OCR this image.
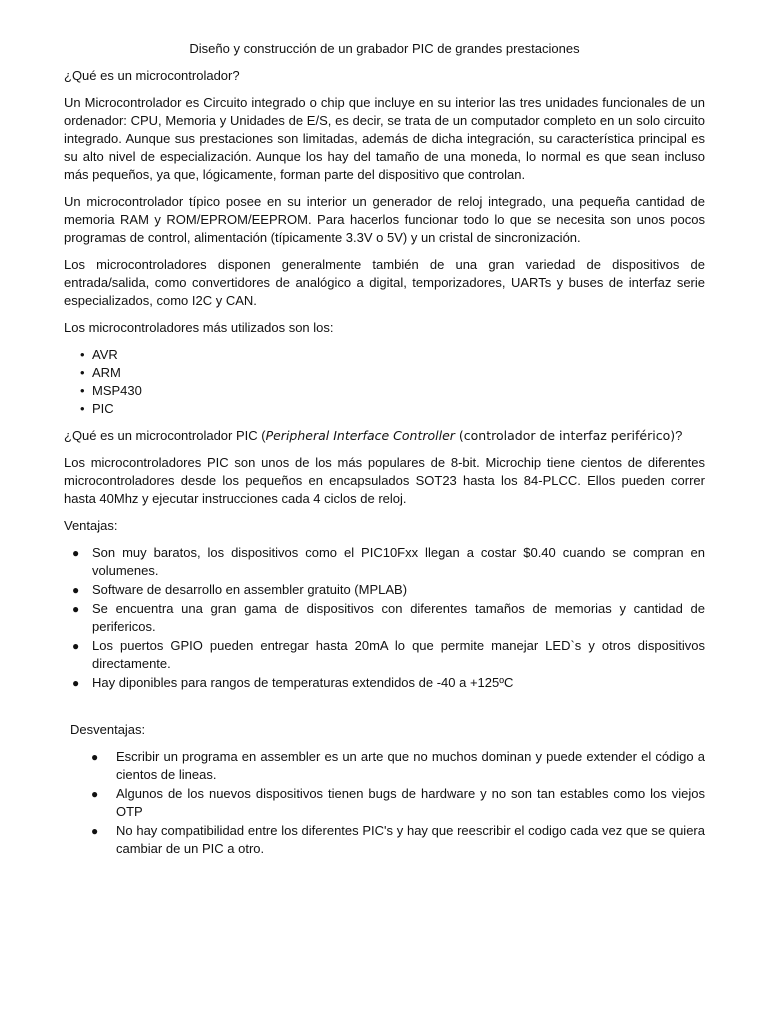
Diseño y construcción de un grabador PIC de grandes prestaciones

¿Qué es un microcontrolador?

Un Microcontrolador es Circuito integrado o chip que incluye en su interior las tres unidades funcionales de un ordenador: CPU, Memoria y Unidades de E/S, es decir, se trata de un computador completo en un solo circuito integrado. Aunque sus prestaciones son limitadas, además de dicha integración, su característica principal es su alto nivel de especialización. Aunque los hay del tamaño de una moneda, lo normal es que sean incluso más pequeños, ya que, lógicamente, forman parte del dispositivo que controlan.

Un microcontrolador típico posee en su interior un generador de reloj integrado, una pequeña cantidad de memoria RAM y ROM/EPROM/EEPROM. Para hacerlos funcionar todo lo que se necesita son unos pocos programas de control, alimentación (típicamente 3.3V o 5V) y un cristal de sincronización.

Los microcontroladores disponen generalmente también de una gran variedad de dispositivos de entrada/salida, como convertidores de analógico a digital, temporizadores, UARTs y buses de interfaz serie especializados, como I2C y CAN.

Los microcontroladores más utilizados son los:

• AVR
• ARM
• MSP430
• PIC

¿Qué es un microcontrolador PIC (Peripheral Interface Controller (controlador de interfaz periférico)?

Los microcontroladores PIC son unos de los más populares de 8-bit. Microchip tiene cientos de diferentes microcontroladores desde los pequeños en encapsulados SOT23 hasta los 84-PLCC. Ellos pueden correr hasta 40Mhz y ejecutar instrucciones cada 4 ciclos de reloj.

Ventajas:

● Son muy baratos, los dispositivos como el PIC10Fxx llegan a costar $0.40 cuando se compran en volumenes.
● Software de desarrollo en assembler gratuito (MPLAB)
● Se encuentra una gran gama de dispositivos con diferentes tamaños de memorias y cantidad de perifericos.
● Los puertos GPIO pueden entregar hasta 20mA lo que permite manejar LED`s y otros dispositivos directamente.
● Hay diponibles para rangos de temperaturas extendidos de -40 a +125ºC

Desventajas:

●	Escribir un programa en assembler es un arte que no muchos dominan y puede extender el código a cientos de lineas.
●	Algunos de los nuevos dispositivos tienen bugs de hardware y no son tan estables como los viejos OTP
●	No hay compatibilidad entre los diferentes PIC's y hay que reescribir el codigo cada vez que se quiera cambiar de un PIC a otro.
